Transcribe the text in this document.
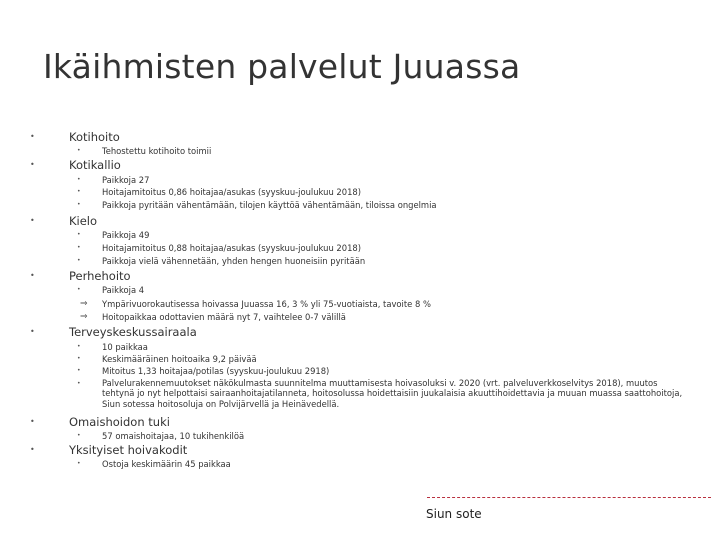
Ikäihmisten palvelut Juuassa
•	Kotihoito
•	Tehostettu kotihoito toimii
•	Kotikallio
•	Paikkoja 27
•	Hoitajamitoitus 0,86 hoitajaa/asukas (syyskuu-joulukuu 2018)
•	Paikkoja pyritään vähentämään, tilojen käyttöä vähentämään, tiloissa ongelmia
•	Kielo
•	Paikkoja 49
•	Hoitajamitoitus 0,88 hoitajaa/asukas (syyskuu-joulukuu 2018)
•	Paikkoja vielä vähennetään, yhden hengen huoneisiin pyritään
•	Perhehoito
•	Paikkoja 4
⇒ Ympärivuorokautisessa hoivassa Juuassa 16, 3 % yli 75-vuotiaista, tavoite 8 %
⇒ Hoitopaikkaa odottavien määrä nyt 7, vaihtelee 0-7 välillä
•	Terveyskeskussairaala
•	10 paikkaa
•	Keskimääräinen hoitoaika 9,2 päivää
•	Mitoitus 1,33 hoitajaa/potilas (syyskuu-joulukuu 2918)
•	Palvelurakennemuutokset näkökulmasta suunnitelma muuttamisesta hoivasoluksi v. 2020 (vrt. palveluverkkoselvitys 2018), muutos tehtynä jo nyt helpottaisi sairaanhoitajatilanneta, hoitosolussa hoidettaisiin juukalaisia akuuttihoidettavia ja muuan muassa saattohoitoja, Siun sotessa hoitosoluja on Polvijärvellä ja Heinävedellä.
•	Omaishoidon tuki
•	57 omaishoitajaa, 10 tukihenkilöä
•	Yksityiset hoivakodit
•	Ostoja keskimäärin 45 paikkaa
Siun sote
